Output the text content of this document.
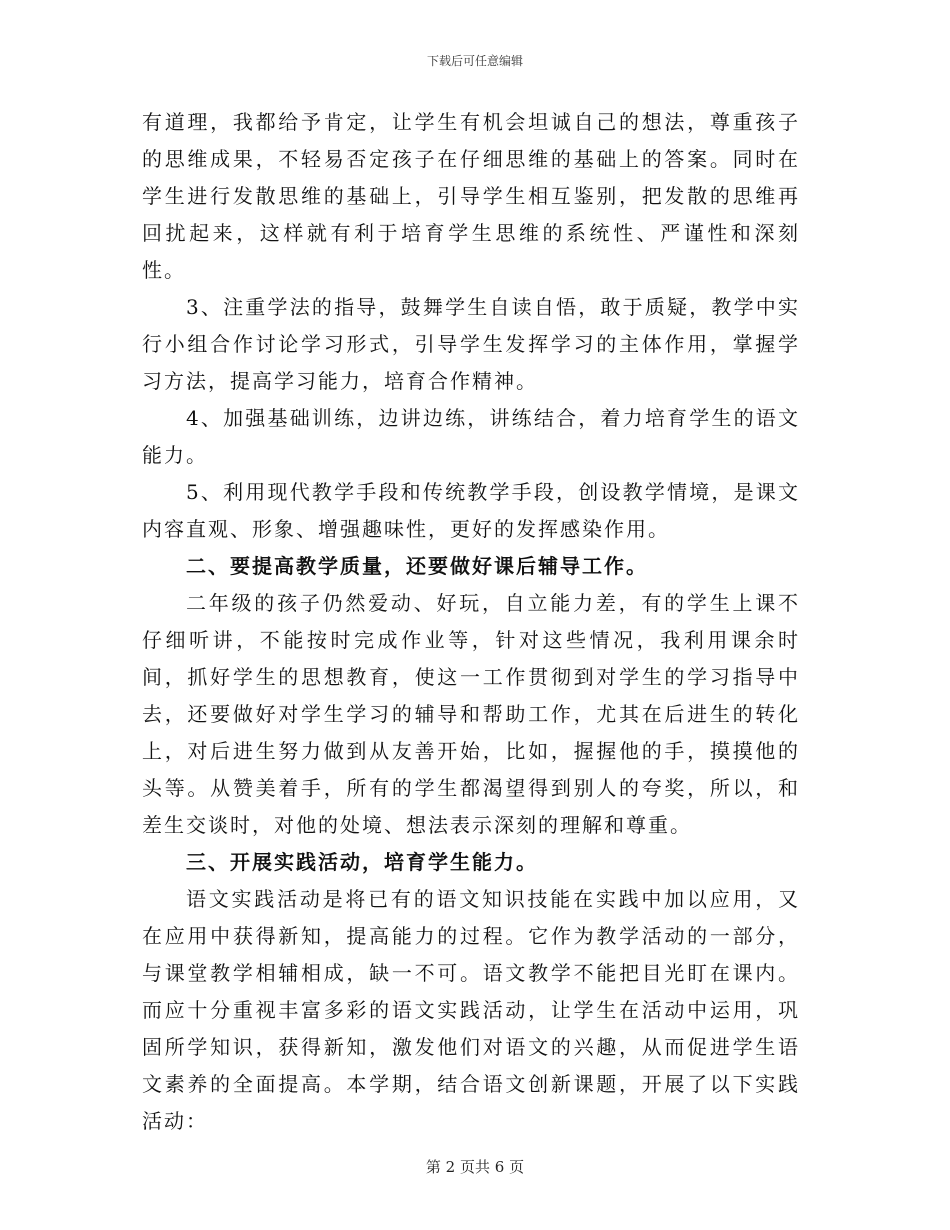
下载后可任意编辑

有道理，我都给予肯定，让学生有机会坦诚自己的想法，尊重孩子的思维成果，不轻易否定孩子在仔细思维的基础上的答案。同时在学生进行发散思维的基础上，引导学生相互鉴别，把发散的思维再回扰起来，这样就有利于培育学生思维的系统性、严谨性和深刻性。

3、注重学法的指导，鼓舞学生自读自悟，敢于质疑，教学中实行小组合作讨论学习形式，引导学生发挥学习的主体作用，掌握学习方法，提高学习能力，培育合作精神。

4、加强基础训练，边讲边练，讲练结合，着力培育学生的语文能力。

5、利用现代教学手段和传统教学手段，创设教学情境，是课文内容直观、形象、增强趣味性，更好的发挥感染作用。

二、要提高教学质量，还要做好课后辅导工作。

二年级的孩子仍然爱动、好玩，自立能力差，有的学生上课不仔细听讲，不能按时完成作业等，针对这些情况，我利用课余时间，抓好学生的思想教育，使这一工作贯彻到对学生的学习指导中去，还要做好对学生学习的辅导和帮助工作，尤其在后进生的转化上，对后进生努力做到从友善开始，比如，握握他的手，摸摸他的头等。从赞美着手，所有的学生都渴望得到别人的夸奖，所以，和差生交谈时，对他的处境、想法表示深刻的理解和尊重。

三、开展实践活动，培育学生能力。

语文实践活动是将已有的语文知识技能在实践中加以应用，又在应用中获得新知，提高能力的过程。它作为教学活动的一部分，与课堂教学相辅相成，缺一不可。语文教学不能把目光盯在课内。而应十分重视丰富多彩的语文实践活动，让学生在活动中运用，巩固所学知识，获得新知，激发他们对语文的兴趣，从而促进学生语文素养的全面提高。本学期，结合语文创新课题，开展了以下实践活动：

第 2 页共 6 页
